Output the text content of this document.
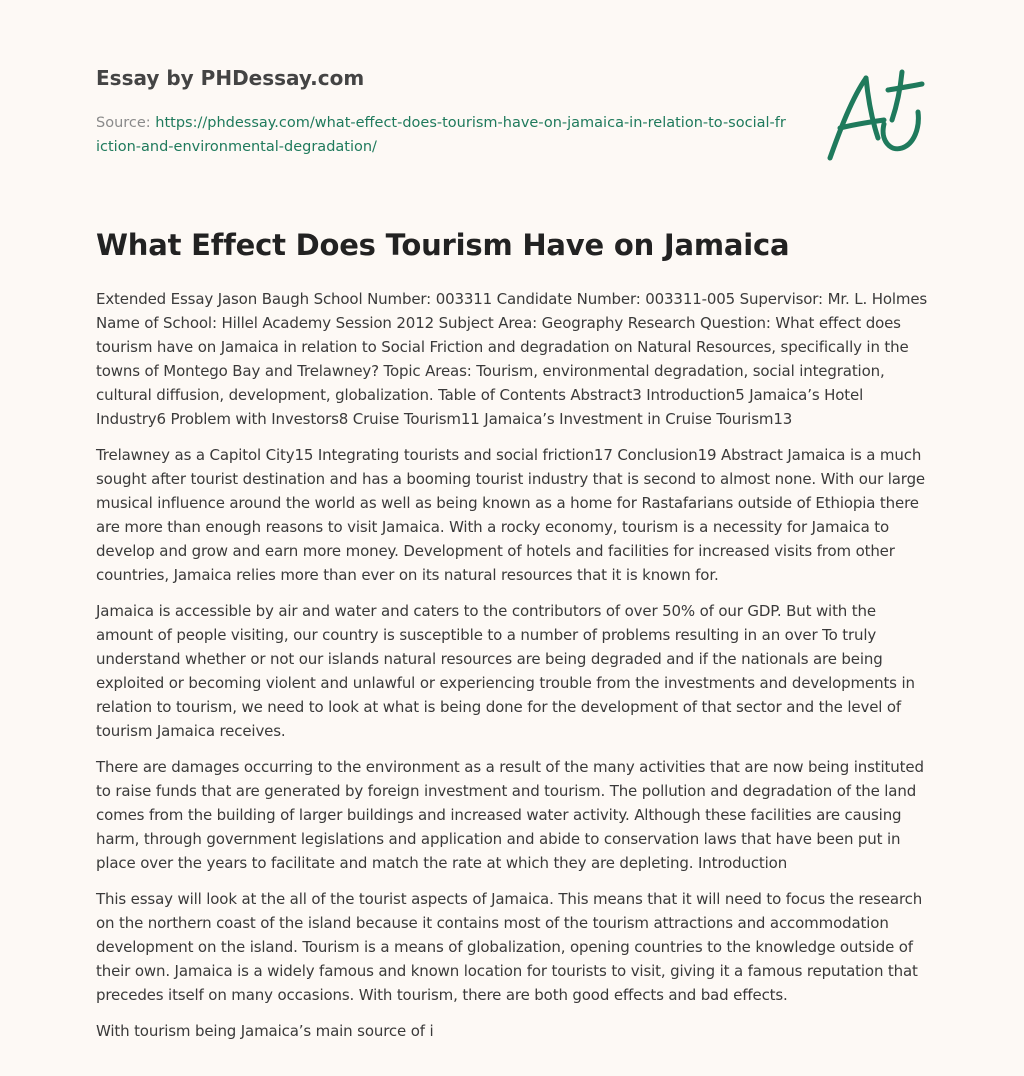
Essay by PHDessay.com
Source: https://phdessay.com/what-effect-does-tourism-have-on-jamaica-in-relation-to-social-friction-and-environmental-degradation/
What Effect Does Tourism Have on Jamaica

Extended Essay Jason Baugh School Number: 003311 Candidate Number: 003311-005 Supervisor: Mr. L. Holmes Name of School: Hillel Academy Session 2012 Subject Area: Geography Research Question: What effect does tourism have on Jamaica in relation to Social Friction and degradation on Natural Resources, specifically in the towns of Montego Bay and Trelawney? Topic Areas: Tourism, environmental degradation, social integration, cultural diffusion, development, globalization. Table of Contents Abstract3 Introduction5 Jamaica’s Hotel Industry6 Problem with Investors8 Cruise Tourism11 Jamaica’s Investment in Cruise Tourism13

Trelawney as a Capitol City15 Integrating tourists and social friction17 Conclusion19 Abstract Jamaica is a much sought after tourist destination and has a booming tourist industry that is second to almost none. With our large musical influence around the world as well as being known as a home for Rastafarians outside of Ethiopia there are more than enough reasons to visit Jamaica. With a rocky economy, tourism is a necessity for Jamaica to develop and grow and earn more money. Development of hotels and facilities for increased visits from other countries, Jamaica relies more than ever on its natural resources that it is known for.

Jamaica is accessible by air and water and caters to the contributors of over 50% of our GDP. But with the amount of people visiting, our country is susceptible to a number of problems resulting in an over To truly understand whether or not our islands natural resources are being degraded and if the nationals are being exploited or becoming violent and unlawful or experiencing trouble from the investments and developments in relation to tourism, we need to look at what is being done for the development of that sector and the level of tourism Jamaica receives.

There are damages occurring to the environment as a result of the many activities that are now being instituted to raise funds that are generated by foreign investment and tourism. The pollution and degradation of the land comes from the building of larger buildings and increased water activity. Although these facilities are causing harm, through government legislations and application and abide to conservation laws that have been put in place over the years to facilitate and match the rate at which they are depleting. Introduction

This essay will look at the all of the tourist aspects of Jamaica. This means that it will need to focus the research on the northern coast of the island because it contains most of the tourism attractions and accommodation development on the island. Tourism is a means of globalization, opening countries to the knowledge outside of their own. Jamaica is a widely famous and known location for tourists to visit, giving it a famous reputation that precedes itself on many occasions. With tourism, there are both good effects and bad effects.

With tourism being Jamaica’s main source of i
